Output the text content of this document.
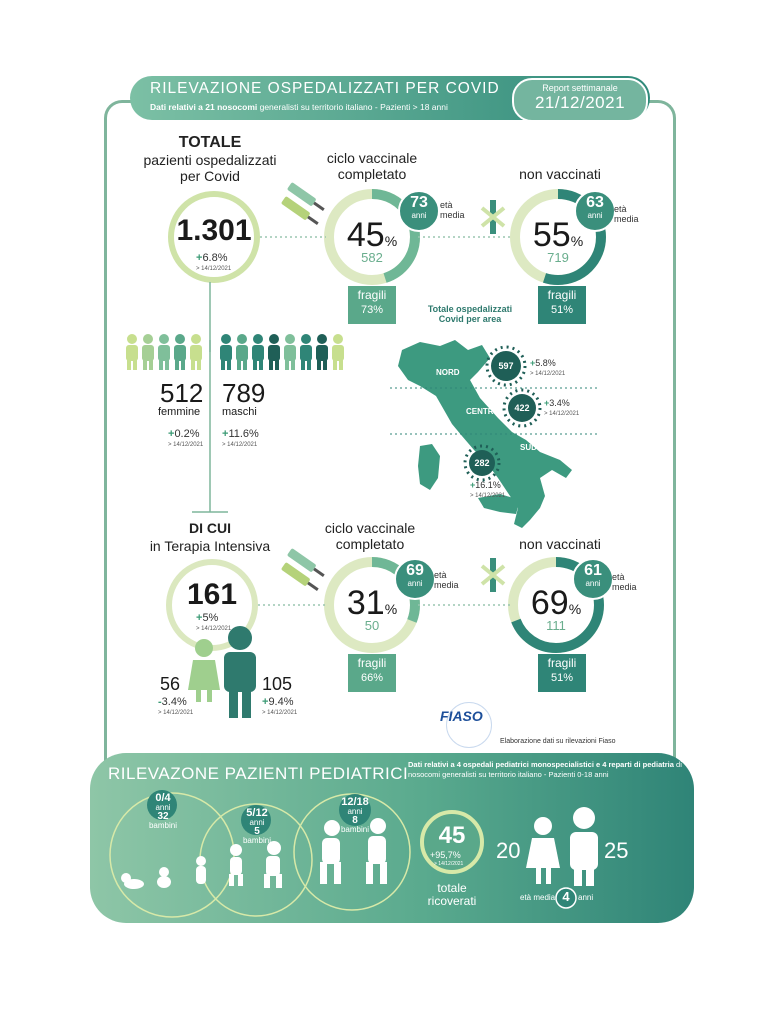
RILEVAZIONE OSPEDALIZZATI PER COVID
Dati relativi a 21 nosocomi generalisti su territorio italiano - Pazienti > 18 anni
Report settimanale
21/12/2021
TOTALE
pazienti ospedalizzati
per Covid
1.301
+6.8%
> 14/12/2021
ciclo vaccinale
completato
45%
582
73
anni
età
media
fragili
73%
non vaccinati
55%
719
63
anni
età
media
fragili
51%
512
femmine
+0.2%
> 14/12/2021
789
maschi
+11.6%
> 14/12/2021
Totale ospedalizzati
Covid per area
NORD
597	+5.8%
> 14/12/2021
CENTRO	422	+3.4%
> 14/12/2021
SUD
282
+16.1%
> 14/12/2021
DI CUI
in Terapia Intensiva
161
+5%
> 14/12/2021
56
-3.4%
> 14/12/2021
105
+9.4%
> 14/12/2021
ciclo vaccinale
completato
31%
50
69
anni
età
media
fragili
66%
non vaccinati
69%
111
61
anni
età
media
fragili
51%
FIASO
Elaborazione dati su rilevazioni Fiaso
RILEVAZONE PAZIENTI PEDIATRICI Dati relativi a 4 ospedali pediatrici monospecialistici e 4 reparti di pediatria di nosocomi generalisti su territorio italiano - Pazienti 0-18 anni
0/4
anni
32
bambini
5/12
anni
5
bambini
12/18
anni
8
bambini	45
+95,7%
> 14/12/2021
totale
ricoverati
20	25
età media 4 anni
